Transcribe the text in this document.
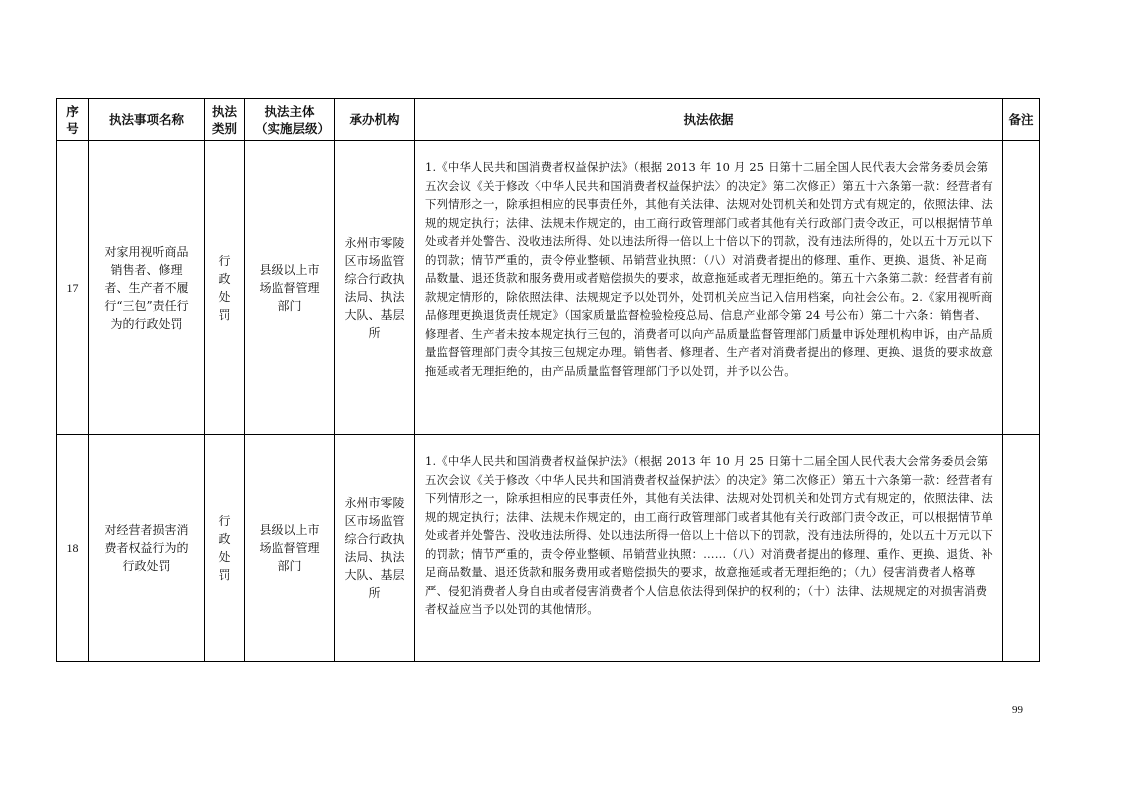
序号	执法事项名称	执法类别	执法主体（实施层级）	承办机构	执法依据	备注
17	对家用视听商品销售者、修理者、生产者不履行“三包”责任行为的行政处罚	行政处罚	县级以上市场监督管理部门	永州市零陵区市场监管综合行政执法局、执法大队、基层所	1.《中华人民共和国消费者权益保护法》（根据 2013 年 10 月 25 日第十二届全国人民代表大会常务委员会第五次会议《关于修改〈中华人民共和国消费者权益保护法〉的决定》第二次修正）第五十六条第一款：经营者有下列情形之一，除承担相应的民事责任外，其他有关法律、法规对处罚机关和处罚方式有规定的，依照法律、法规的规定执行；法律、法规未作规定的，由工商行政管理部门或者其他有关行政部门责令改正，可以根据情节单处或者并处警告、没收违法所得、处以违法所得一倍以上十倍以下的罚款，没有违法所得的，处以五十万元以下的罚款；情节严重的，责令停业整顿、吊销营业执照：（八）对消费者提出的修理、重作、更换、退货、补足商品数量、退还货款和服务费用或者赔偿损失的要求，故意拖延或者无理拒绝的。第五十六条第二款：经营者有前款规定情形的，除依照法律、法规规定予以处罚外，处罚机关应当记入信用档案，向社会公布。2.《家用视听商品修理更换退货责任规定》（国家质量监督检验检疫总局、信息产业部令第 24 号公布）第二十六条：销售者、修理者、生产者未按本规定执行三包的，消费者可以向产品质量监督管理部门质量申诉处理机构申诉，由产品质量监督管理部门责令其按三包规定办理。销售者、修理者、生产者对消费者提出的修理、更换、退货的要求故意拖延或者无理拒绝的，由产品质量监督管理部门予以处罚，并予以公告。	
18	对经营者损害消费者权益行为的行政处罚	行政处罚	县级以上市场监督管理部门	永州市零陵区市场监管综合行政执法局、执法大队、基层所	1.《中华人民共和国消费者权益保护法》（根据 2013 年 10 月 25 日第十二届全国人民代表大会常务委员会第五次会议《关于修改〈中华人民共和国消费者权益保护法〉的决定》第二次修正）第五十六条第一款：经营者有下列情形之一，除承担相应的民事责任外，其他有关法律、法规对处罚机关和处罚方式有规定的，依照法律、法规的规定执行；法律、法规未作规定的，由工商行政管理部门或者其他有关行政部门责令改正，可以根据情节单处或者并处警告、没收违法所得、处以违法所得一倍以上十倍以下的罚款，没有违法所得的，处以五十万元以下的罚款；情节严重的，责令停业整顿、吊销营业执照：……（八）对消费者提出的修理、重作、更换、退货、补足商品数量、退还货款和服务费用或者赔偿损失的要求，故意拖延或者无理拒绝的；（九）侵害消费者人格尊严、侵犯消费者人身自由或者侵害消费者个人信息依法得到保护的权利的；（十）法律、法规规定的对损害消费者权益应当予以处罚的其他情形。	
99
